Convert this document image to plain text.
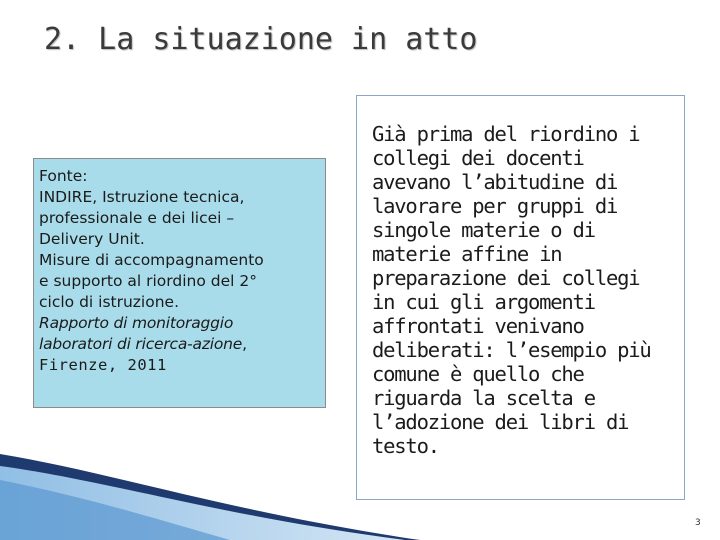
2. La situazione in atto
Fonte:
INDIRE, Istruzione tecnica,
professionale e dei licei –
Delivery Unit.
Misure di accompagnamento
e supporto al riordino del 2°
ciclo di istruzione.
Rapporto di monitoraggio
laboratori di ricerca-azione,
Firenze, 2011
Già prima del riordino i
collegi dei docenti
avevano l’abitudine di
lavorare per gruppi di
singole materie o di
materie affine in
preparazione dei collegi
in cui gli argomenti
affrontati venivano
deliberati: l’esempio più
comune è quello che
riguarda la scelta e
l’adozione dei libri di
testo.
3
